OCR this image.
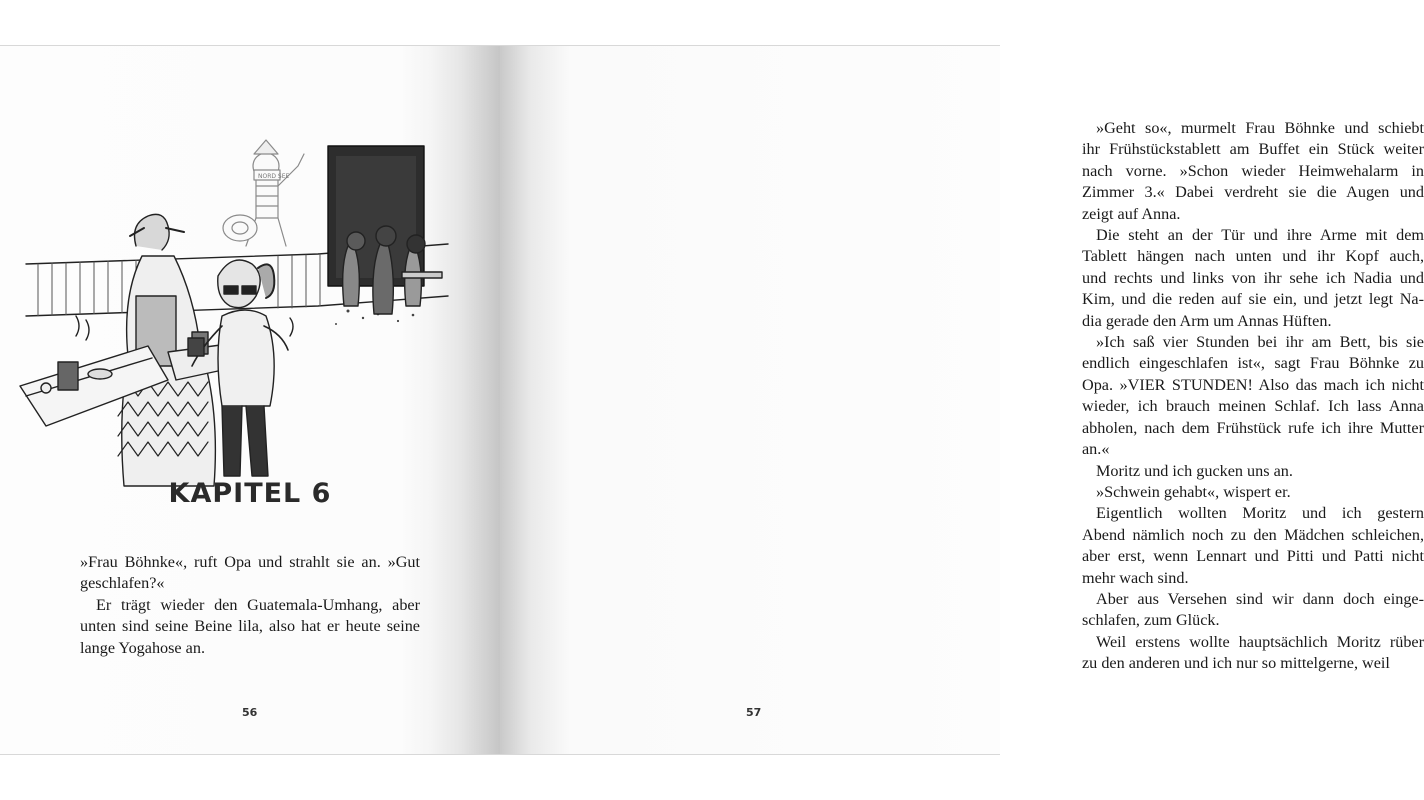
NORD SEE
KAPITEL 6

»Frau Böhnke«, ruft Opa und strahlt sie an. »Gut
geschlafen?«

Er trägt wieder den Guatemala-Umhang, aber
unten sind seine Beine lila, also hat er heute seine
lange Yogahose an.

56

»Geht so«, murmelt Frau Böhnke und schiebt
ihr Frühstückstablett am Buffet ein Stück weiter
nach vorne. »Schon wieder Heimwehalarm in
Zimmer 3.« Dabei verdreht sie die Augen und
zeigt auf Anna.

Die steht an der Tür und ihre Arme mit dem
Tablett hängen nach unten und ihr Kopf auch,
und rechts und links von ihr sehe ich Nadia und
Kim, und die reden auf sie ein, und jetzt legt Na-
dia gerade den Arm um Annas Hüften.

»Ich saß vier Stunden bei ihr am Bett, bis sie
endlich eingeschlafen ist«, sagt Frau Böhnke zu
Opa. »VIER STUNDEN! Also das mach ich nicht
wieder, ich brauch meinen Schlaf. Ich lass Anna
abholen, nach dem Frühstück rufe ich ihre Mutter
an.«

Moritz und ich gucken uns an.

»Schwein gehabt«, wispert er.

Eigentlich wollten Moritz und ich gestern
Abend nämlich noch zu den Mädchen schleichen,
aber erst, wenn Lennart und Pitti und Patti nicht
mehr wach sind.

Aber aus Versehen sind wir dann doch einge-
schlafen, zum Glück.

Weil erstens wollte hauptsächlich Moritz rüber
zu den anderen und ich nur so mittelgerne, weil

57
